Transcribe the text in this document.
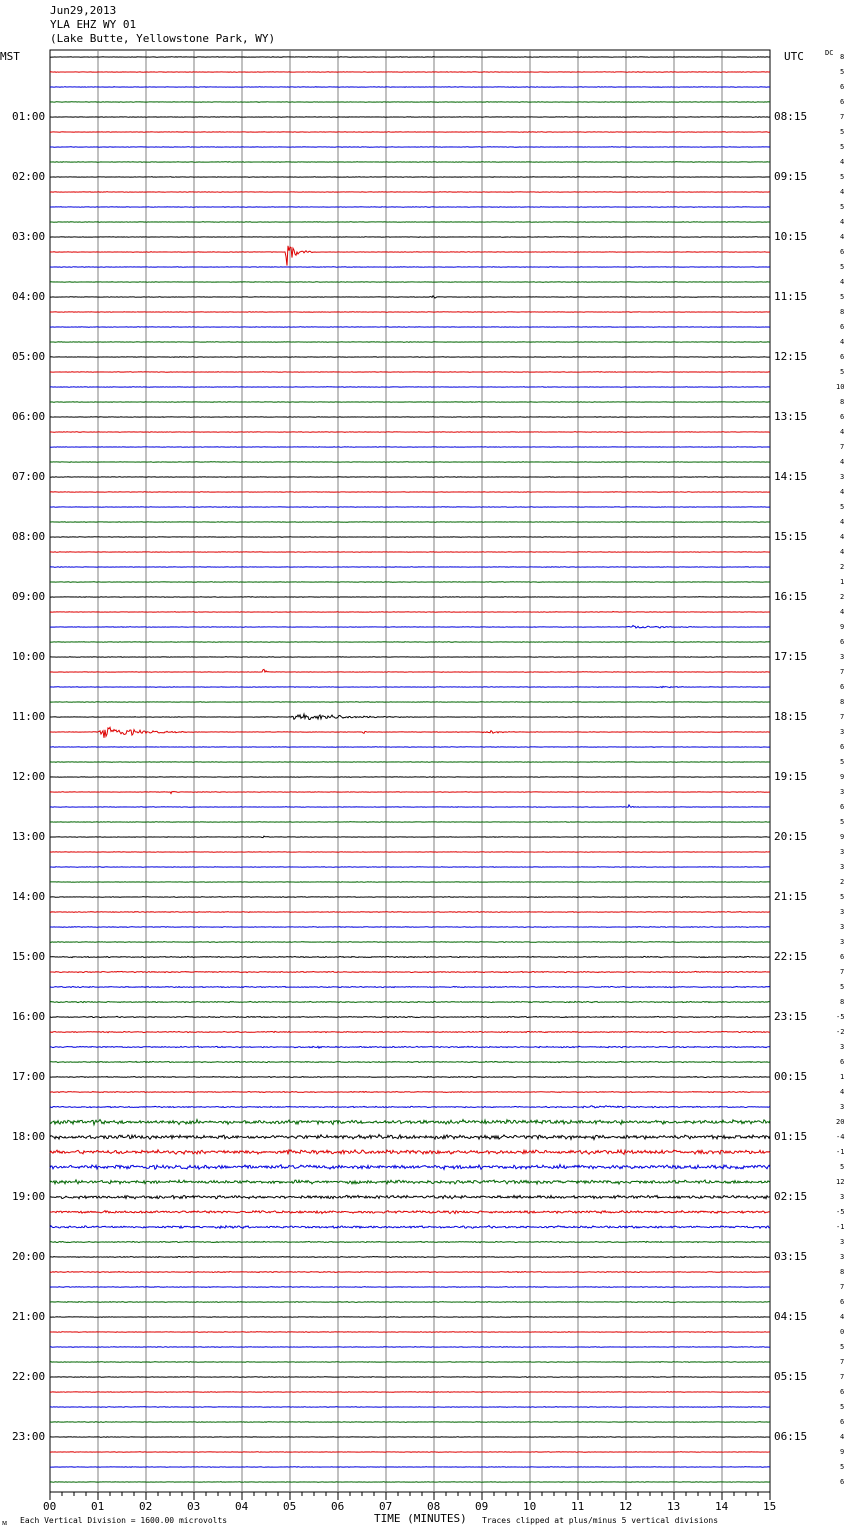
Jun29,2013
YLA EHZ WY 01
(Lake Butte, Yellowstone Park, WY)
MST	UTC	DC
01:00
02:00
03:00
04:00
05:00
06:00
07:00
08:00
09:00
10:00
11:00
12:00
13:00
14:00
15:00
16:00
17:00
18:00
19:00
20:00
21:00
22:00
23:00
08:15
09:15
10:15
11:15
12:15
13:15
14:15
15:15
16:15
17:15
18:15
19:15
20:15
21:15
22:15
23:15
00:15
01:15
02:15
03:15
04:15
05:15
06:15
8
5
6
6
7
5
5
4
5
4
5
4
4
6
5
4
5
8
6
4
6
5
10
8
6
4
7
4
3
4
5
4
4
4
2
1
2
4
9
6
3
7
6
8
7
3
6
5
9
3
6
5
9
3
3
2
5
3
3
3
6
7
5
8
-5
-2
3
6
1
4
3
20
-4
-1
5
12
3
-5
-1
3
3
8
7
6
4
0
5
7
7
6
5
6
4
9
5
6
00	01	02	03	04	05	06	07	08	09	10	11	12	13	14	15
ᴍ Each Vertical Division = 1600.00 microvolts	TIME (MINUTES) Traces clipped at plus/minus 5 vertical divisions
